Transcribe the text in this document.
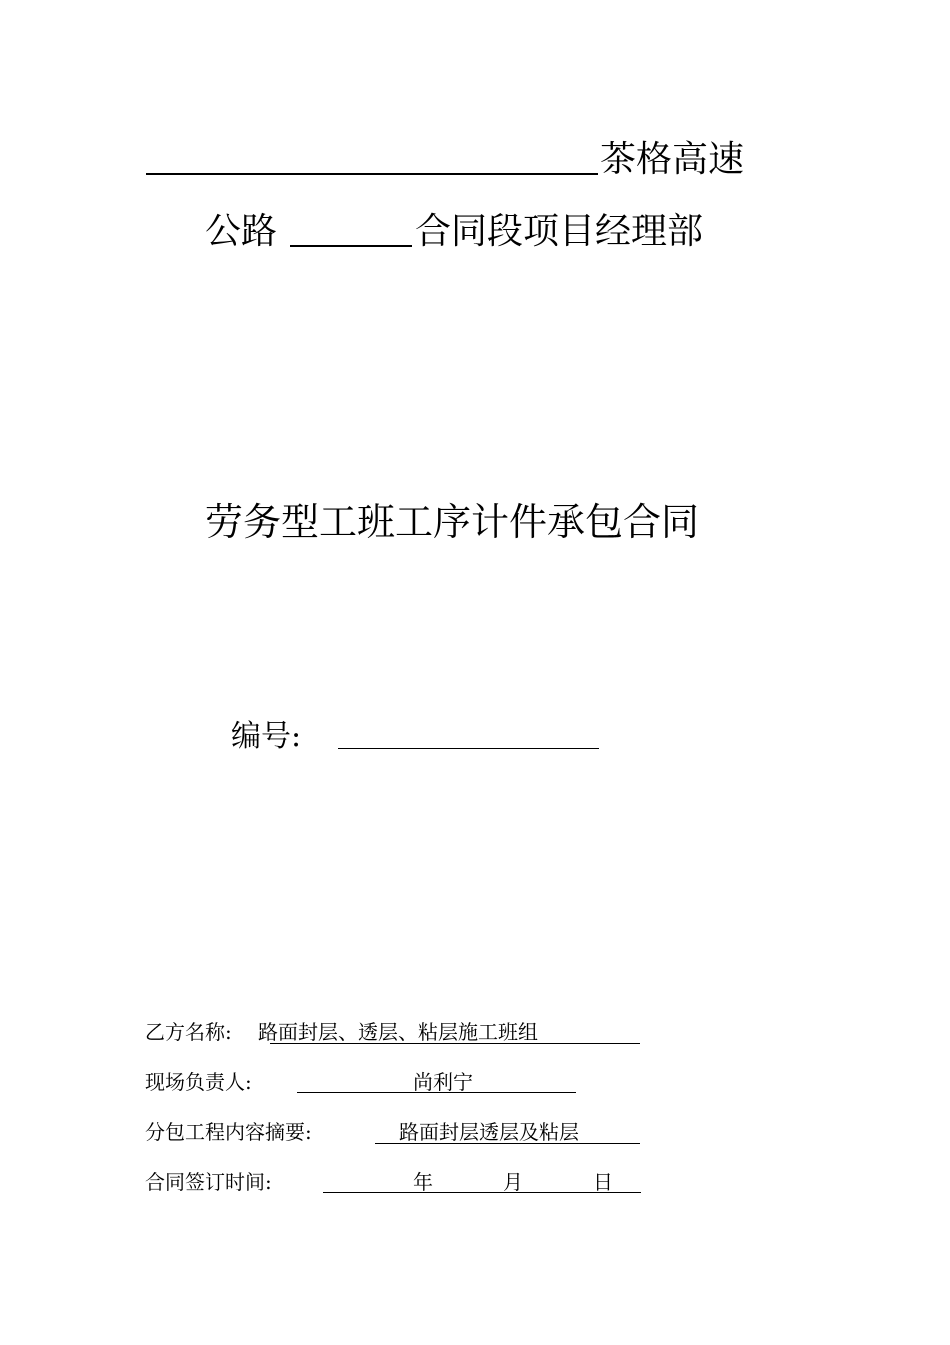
茶格高速
公路	合同段项目经理部
劳务型工班工序计件承包合同
编号:
乙方名称: 路面封层、透层、粘层施工班组
现场负责人:	尚利宁
分包工程内容摘要:	路面封层透层及粘层
合同签订时间:	年	月	日
